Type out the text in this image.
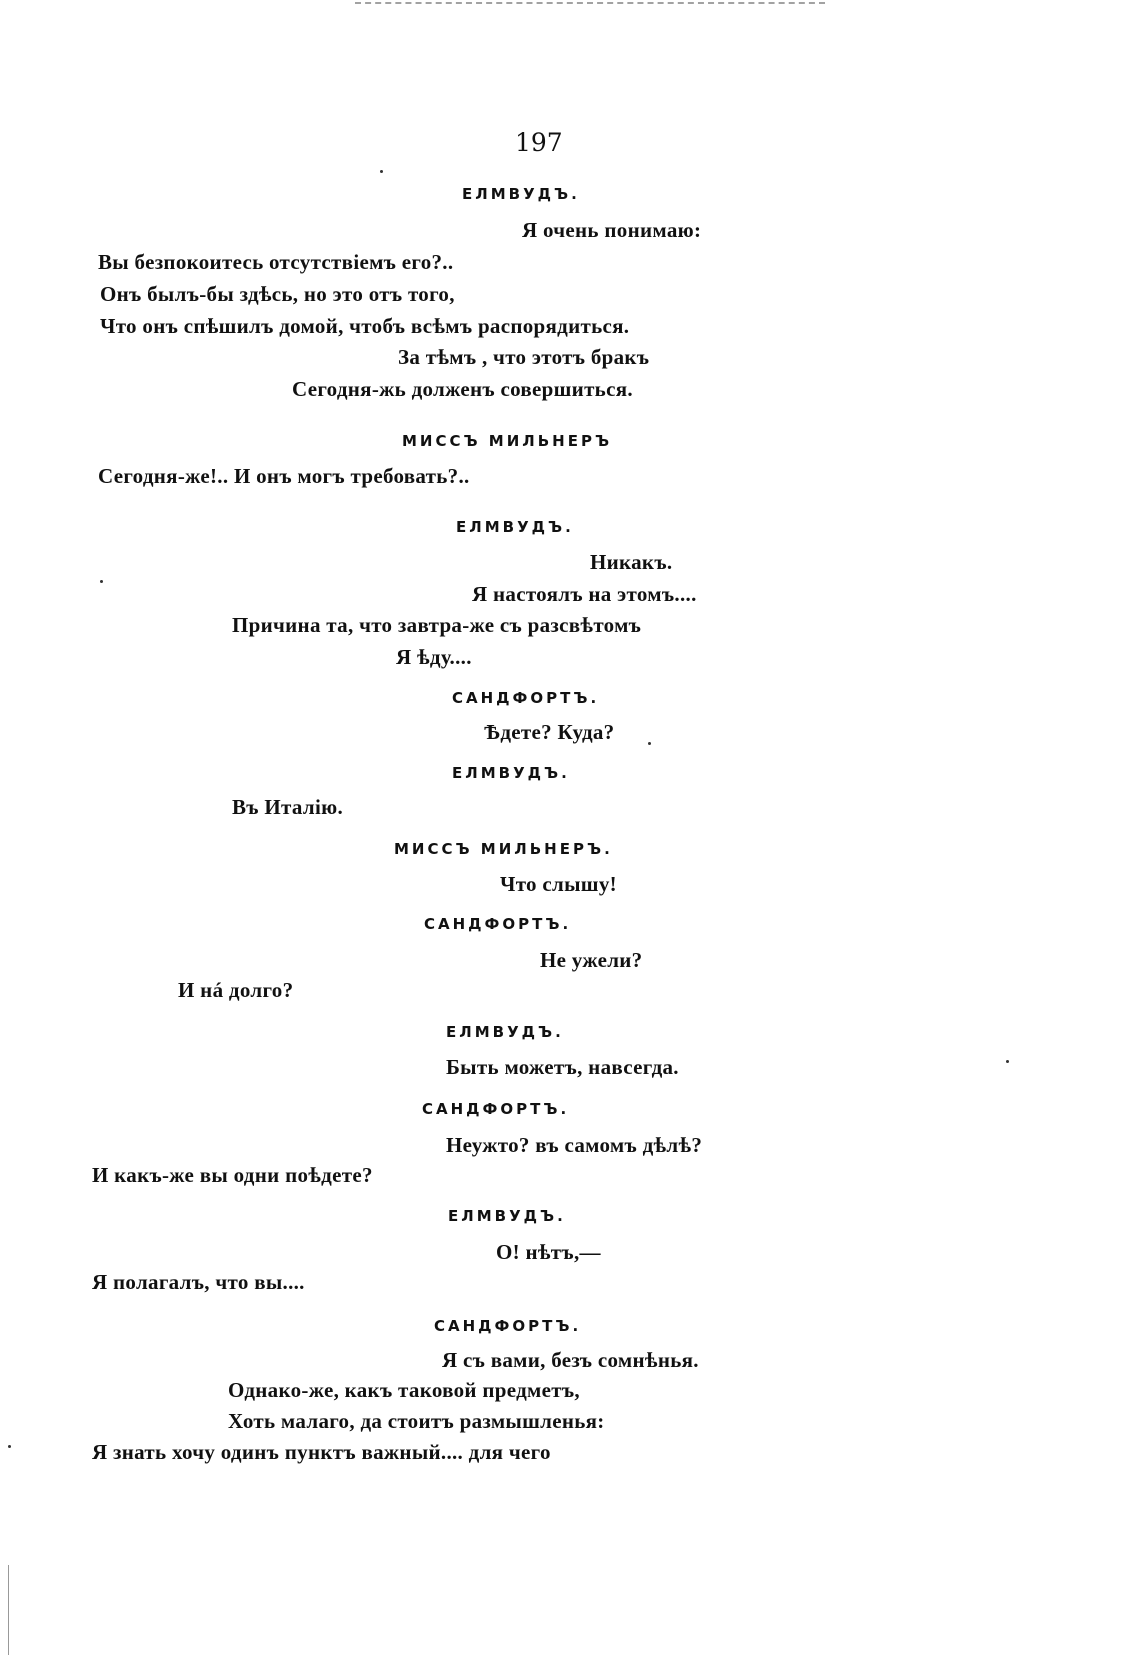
197
ЕЛМВУДЪ.
Я очень понимаю:
Вы безпокоитесь отсутствіемъ его?..
Онъ былъ-бы здѣсь, но это отъ того,
Что онъ спѣшилъ домой, чтобъ всѣмъ распорядиться.
За тѣмъ , что этотъ бракъ
Сегодня-жь долженъ совершиться.
МИССЪ МИЛЬНЕРЪ
Сегодня-же!.. И онъ могъ требовать?..
ЕЛМВУДЪ.
Никакъ.
Я настоялъ на этомъ....
Причина та, что завтра-же съ разсвѣтомъ
Я ѣду....
САНДФОРТЪ.
Ѣдете? Куда?
ЕЛМВУДЪ.
Въ Италію.
МИССЪ МИЛЬНЕРЪ.
Что слышу!
САНДФОРТЪ.
Не ужели?
И нá долго?
ЕЛМВУДЪ.
Быть можетъ, навсегда.
САНДФОРТЪ.
Неужто? въ самомъ дѣлѣ?
И какъ-же вы одни поѣдете?
ЕЛМВУДЪ.
О! нѣтъ,—
Я полагалъ, что вы....
САНДФОРТЪ.
Я съ вами, безъ сомнѣнья.
Однако-же, какъ таковой предметъ,
Хоть малаго, да стоитъ размышленья:
Я знать хочу одинъ пунктъ важный.... для чего
